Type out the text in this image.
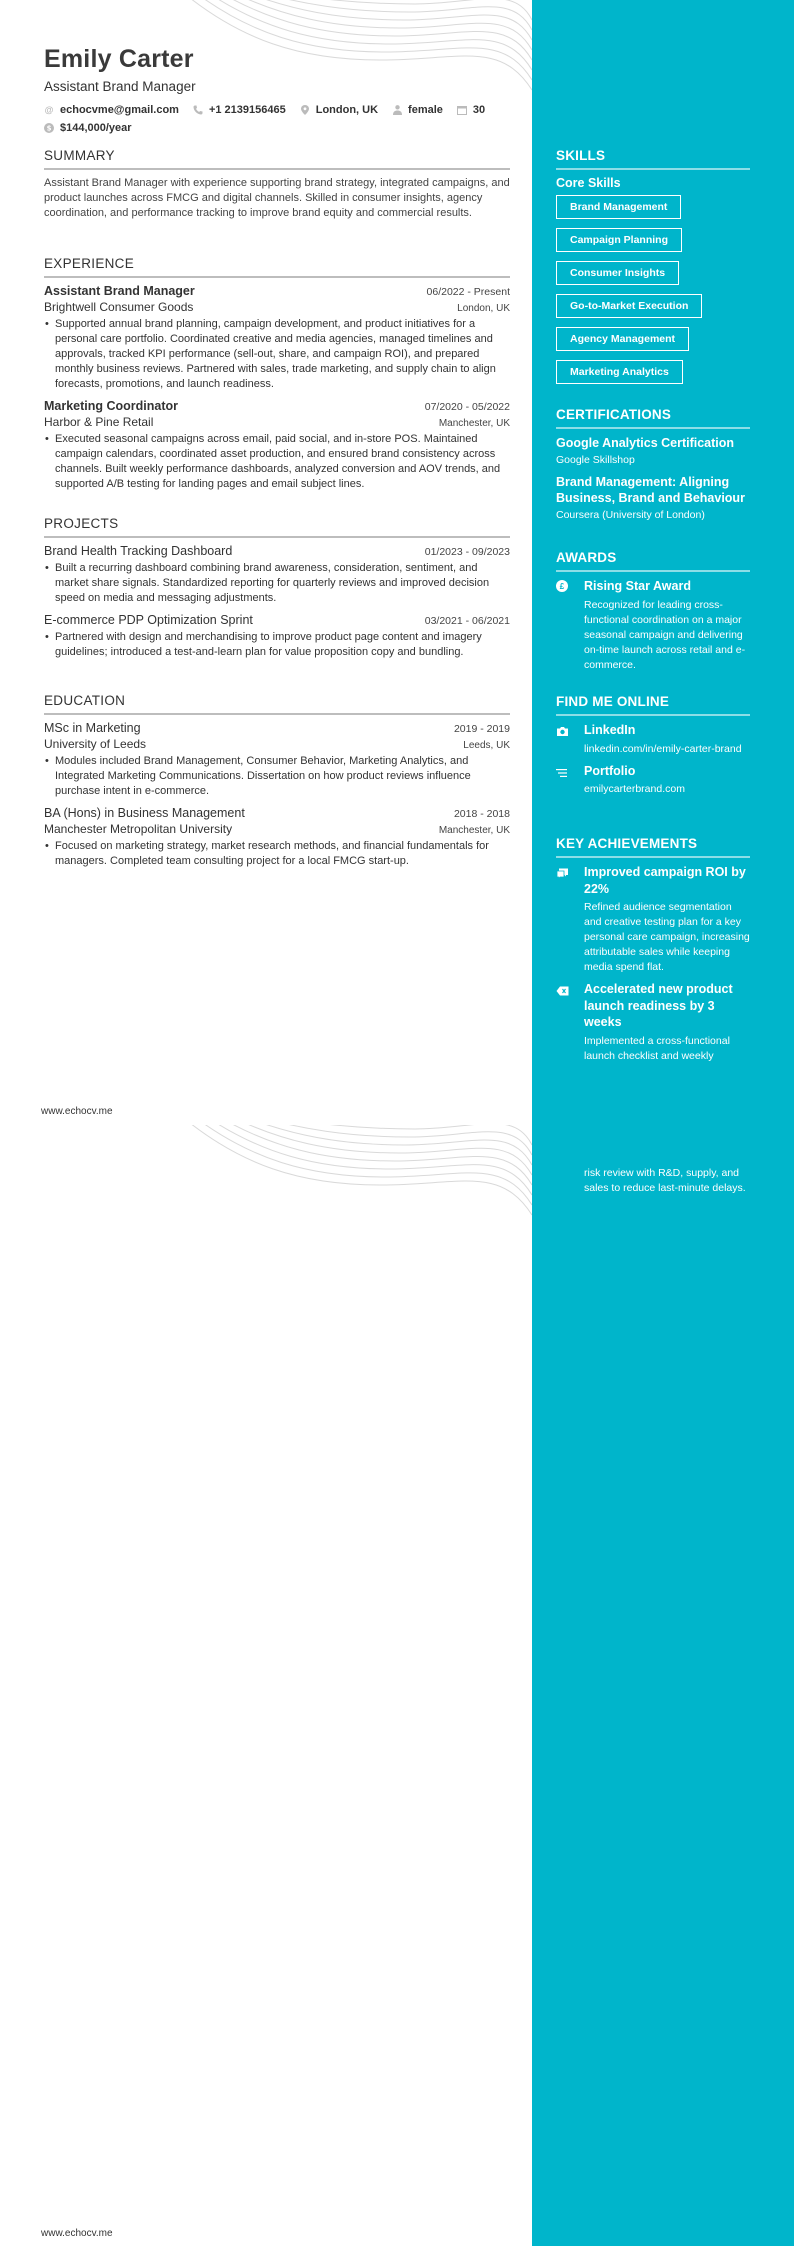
Emily Carter
Assistant Brand Manager
@ echocvme@gmail.com	+1 2139156465	London, UK	female	30
$ $144,000/year
SUMMARY
Assistant Brand Manager with experience supporting brand strategy, integrated campaigns, and product launches across FMCG and digital channels. Skilled in consumer insights, agency coordination, and performance tracking to improve brand equity and commercial results.
EXPERIENCE
Assistant Brand Manager	06/2022 - Present
Brightwell Consumer Goods	London, UK
• Supported annual brand planning, campaign development, and product initiatives for a personal care portfolio. Coordinated creative and media agencies, managed timelines and approvals, tracked KPI performance (sell-out, share, and campaign ROI), and prepared monthly business reviews. Partnered with sales, trade marketing, and supply chain to align forecasts, promotions, and launch readiness.
Marketing Coordinator	07/2020 - 05/2022
Harbor & Pine Retail	Manchester, UK
• Executed seasonal campaigns across email, paid social, and in-store POS. Maintained campaign calendars, coordinated asset production, and ensured brand consistency across channels. Built weekly performance dashboards, analyzed conversion and AOV trends, and supported A/B testing for landing pages and email subject lines.
PROJECTS
Brand Health Tracking Dashboard	01/2023 - 09/2023
• Built a recurring dashboard combining brand awareness, consideration, sentiment, and market share signals. Standardized reporting for quarterly reviews and improved decision speed on media and messaging adjustments.
E-commerce PDP Optimization Sprint	03/2021 - 06/2021
• Partnered with design and merchandising to improve product page content and imagery guidelines; introduced a test-and-learn plan for value proposition copy and bundling.
EDUCATION
MSc in Marketing	2019 - 2019
University of Leeds	Leeds, UK
• Modules included Brand Management, Consumer Behavior, Marketing Analytics, and Integrated Marketing Communications. Dissertation on how product reviews influence purchase intent in e-commerce.
BA (Hons) in Business Management	2018 - 2018
Manchester Metropolitan University	Manchester, UK
• Focused on marketing strategy, market research methods, and financial fundamentals for managers. Completed team consulting project for a local FMCG start-up.
www.echocv.me
www.echocv.me
SKILLS
Core Skills
Brand Management
Campaign Planning
Consumer Insights
Go-to-Market Execution
Agency Management
Marketing Analytics
CERTIFICATIONS
Google Analytics Certification
Google Skillshop
Brand Management: Aligning Business, Brand and Behaviour
Coursera (University of London)
AWARDS
£	Rising Star Award
Recognized for leading cross-functional coordination on a major seasonal campaign and delivering on-time launch across retail and e-commerce.
FIND ME ONLINE
LinkedIn
linkedin.com/in/emily-carter-brand
Portfolio
emilycarterbrand.com
KEY ACHIEVEMENTS
Improved campaign ROI by 22%
Refined audience segmentation and creative testing plan for a key personal care campaign, increasing attributable sales while keeping media spend flat.
Accelerated new product launch readiness by 3 weeks
Implemented a cross-functional launch checklist and weekly
risk review with R&D, supply, and sales to reduce last-minute delays.
